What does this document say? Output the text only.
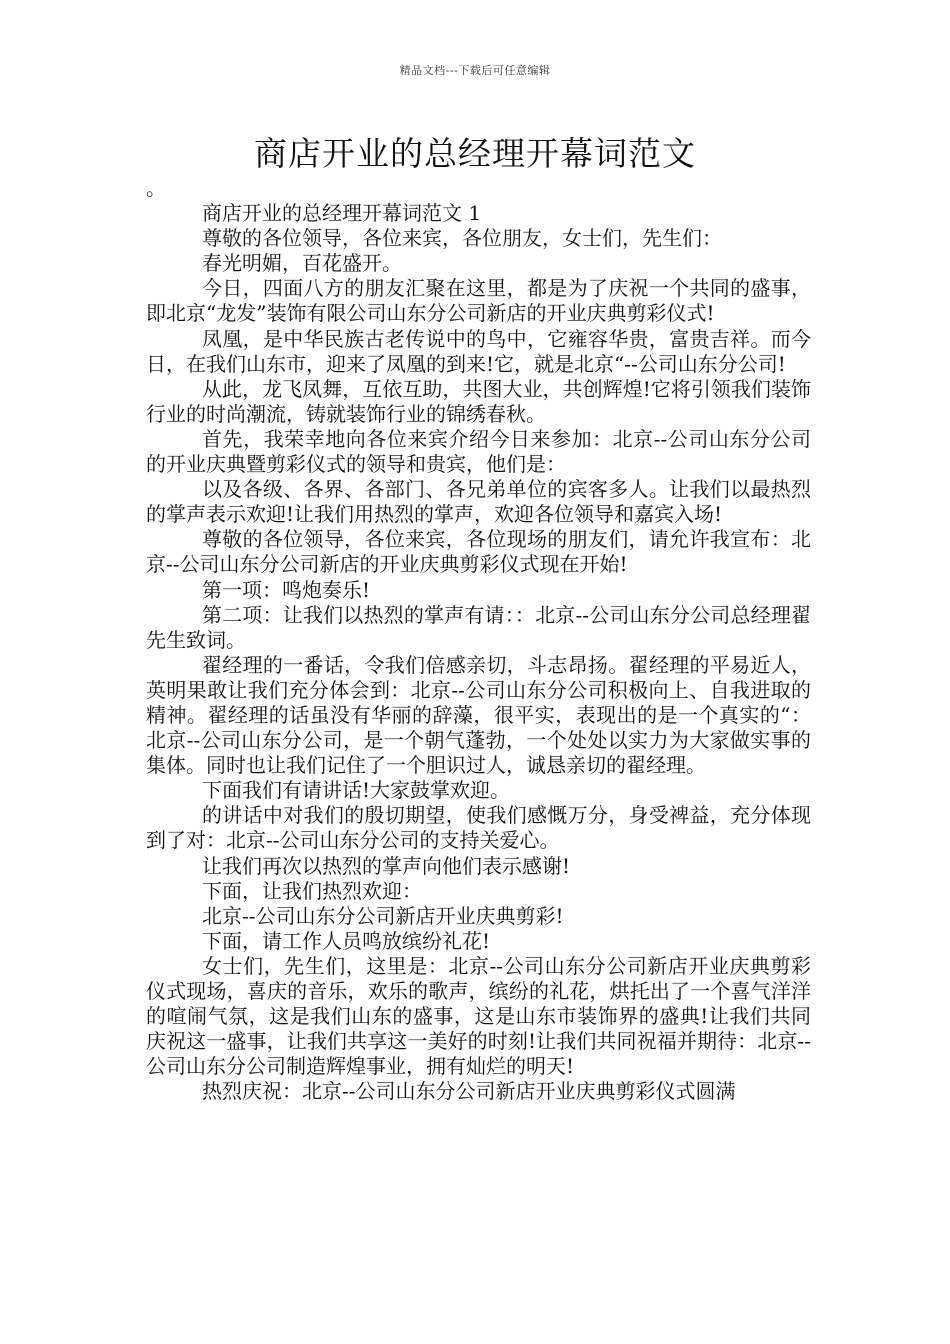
精品文档---下载后可任意编辑
商店开业的总经理开幕词范文

。

商店开业的总经理开幕词范文 1

尊敬的各位领导，各位来宾，各位朋友，女士们，先生们：

春光明媚，百花盛开。

今日，四面八方的朋友汇聚在这里，都是为了庆祝一个共同的盛事，即北京“龙发”装饰有限公司山东分公司新店的开业庆典剪彩仪式!

凤凰，是中华民族古老传说中的鸟中，它雍容华贵，富贵吉祥。而今日，在我们山东市，迎来了凤凰的到来!它，就是北京“--公司山东分公司!

从此，龙飞凤舞，互依互助，共图大业，共创辉煌!它将引领我们装饰行业的时尚潮流，铸就装饰行业的锦绣春秋。

首先，我荣幸地向各位来宾介绍今日来参加：北京--公司山东分公司的开业庆典暨剪彩仪式的领导和贵宾，他们是：

以及各级、各界、各部门、各兄弟单位的宾客多人。让我们以最热烈的掌声表示欢迎!让我们用热烈的掌声，欢迎各位领导和嘉宾入场!

尊敬的各位领导，各位来宾，各位现场的朋友们，请允许我宣布：北京--公司山东分公司新店的开业庆典剪彩仪式现在开始!

第一项：鸣炮奏乐!

第二项：让我们以热烈的掌声有请：：北京--公司山东分公司总经理翟先生致词。

翟经理的一番话，令我们倍感亲切，斗志昂扬。翟经理的平易近人，英明果敢让我们充分体会到：北京--公司山东分公司积极向上、自我进取的精神。翟经理的话虽没有华丽的辞藻，很平实，表现出的是一个真实的“：北京--公司山东分公司，是一个朝气蓬勃，一个处处以实力为大家做实事的集体。同时也让我们记住了一个胆识过人，诚恳亲切的翟经理。

下面我们有请讲话!大家鼓掌欢迎。

的讲话中对我们的殷切期望，使我们感慨万分，身受裨益，充分体现到了对：北京--公司山东分公司的支持关爱心。

让我们再次以热烈的掌声向他们表示感谢!

下面，让我们热烈欢迎：

北京--公司山东分公司新店开业庆典剪彩!

下面，请工作人员鸣放缤纷礼花!

女士们，先生们，这里是：北京--公司山东分公司新店开业庆典剪彩仪式现场，喜庆的音乐，欢乐的歌声，缤纷的礼花，烘托出了一个喜气洋洋的喧闹气氛，这是我们山东的盛事，这是山东市装饰界的盛典!让我们共同庆祝这一盛事，让我们共享这一美好的时刻!让我们共同祝福并期待：北京--公司山东分公司制造辉煌事业，拥有灿烂的明天!

热烈庆祝：北京--公司山东分公司新店开业庆典剪彩仪式圆满
